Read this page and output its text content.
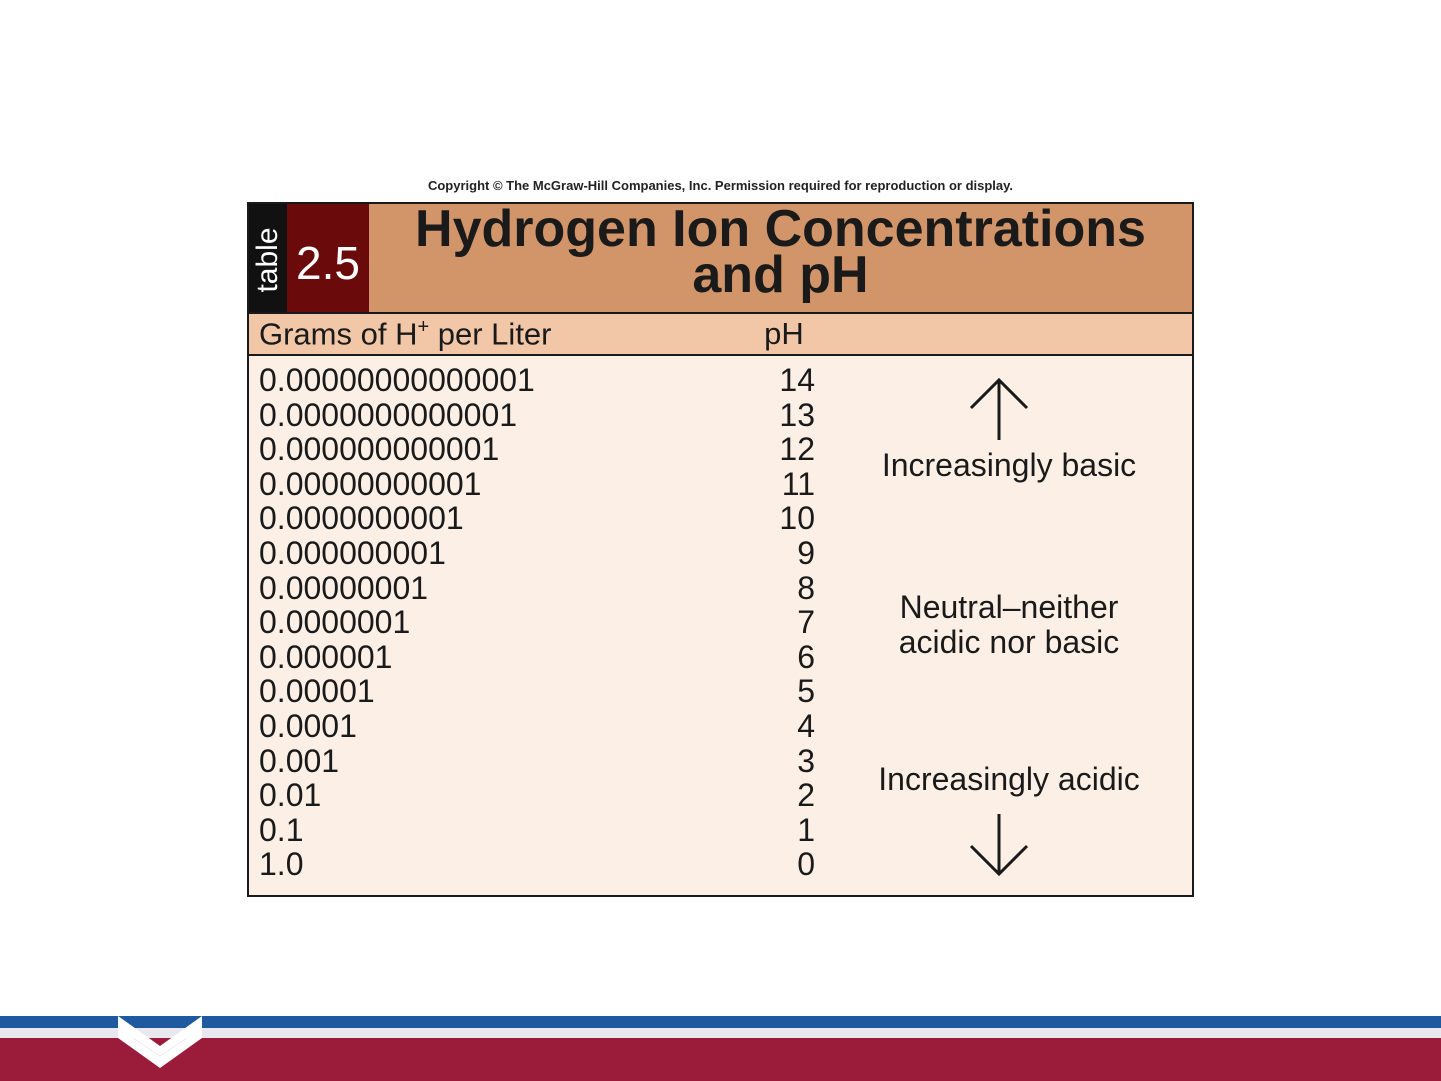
Copyright © The McGraw-Hill Companies, Inc. Permission required for reproduction or display.
table 2.5
Hydrogen Ion Concentrations
and pH
Grams of H+ per Liter	pH
0.00000000000001	14
0.0000000000001	13
0.000000000001	12
0.00000000001	11
0.0000000001	10
0.000000001	9
0.00000001	8
0.0000001	7
0.000001	6
0.00001	5
0.0001	4
0.001	3
0.01	2
0.1	1
1.0	0
Increasingly basic
Neutral–neither
acidic nor basic
Increasingly acidic
